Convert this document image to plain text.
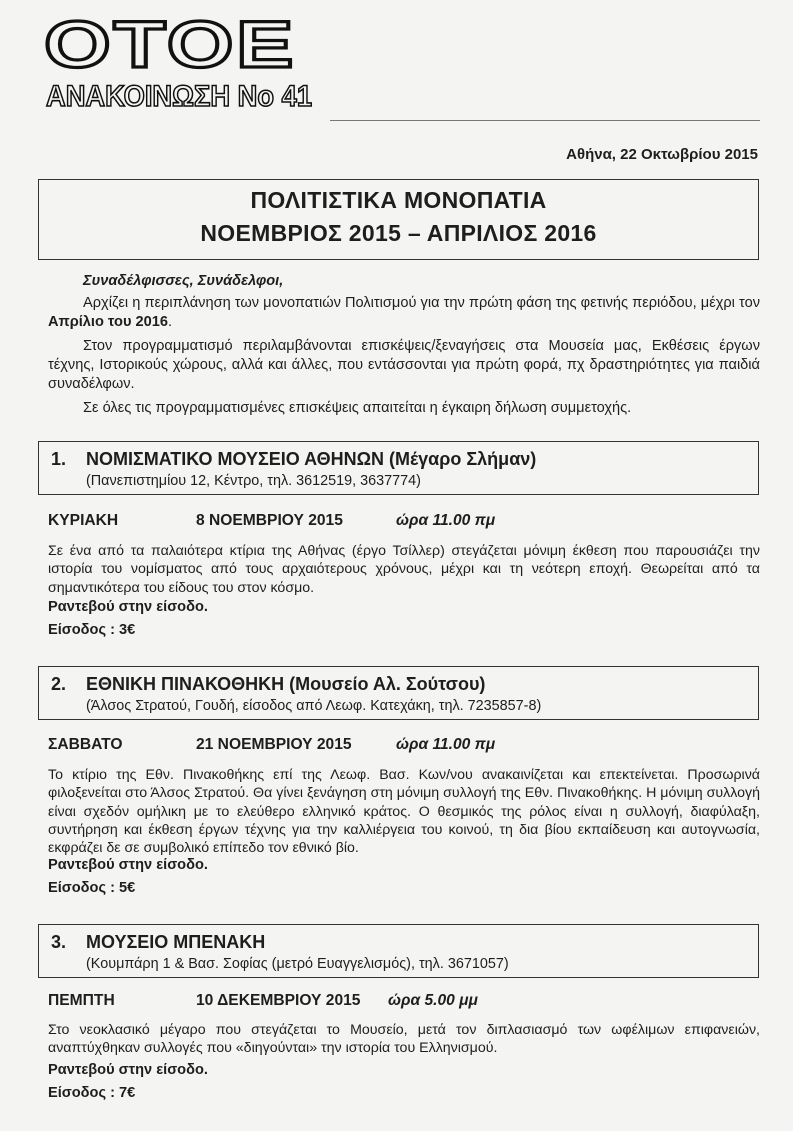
ΟΤΟΕ
ΑΝΑΚΟΙΝΩΣΗ Νο 41
Αθήνα, 22 Οκτωβρίου 2015
ΠΟΛΙΤΙΣΤΙΚΑ ΜΟΝΟΠΑΤΙΑ
ΝΟΕΜΒΡΙΟΣ 2015 – ΑΠΡΙΛΙΟΣ 2016
Συναδέλφισσες, Συνάδελφοι,

Αρχίζει η περιπλάνηση των μονοπατιών Πολιτισμού για την πρώτη φάση της φετινής περιόδου, μέχρι τον Απρίλιο του 2016.

Στον προγραμματισμό περιλαμβάνονται επισκέψεις/ξεναγήσεις στα Μουσεία μας, Εκθέσεις έργων τέχνης, Ιστορικούς χώρους, αλλά και άλλες, που εντάσσονται για πρώτη φορά, πχ δραστηριότητες για παιδιά συναδέλφων.

Σε όλες τις προγραμματισμένες επισκέψεις απαιτείται η έγκαιρη δήλωση συμμετοχής.

1. ΝΟΜΙΣΜΑΤΙΚΟ ΜΟΥΣΕΙΟ ΑΘΗΝΩΝ (Μέγαρο Σλήμαν)
(Πανεπιστημίου 12, Κέντρο, τηλ. 3612519, 3637774)
ΚΥΡΙΑΚΗ	8 ΝΟΕΜΒΡΙΟΥ 2015	ώρα 11.00 πμ
Σε ένα από τα παλαιότερα κτίρια της Αθήνας (έργο Τσίλλερ) στεγάζεται μόνιμη έκθεση που παρουσιάζει την ιστορία του νομίσματος από τους αρχαιότερους χρόνους, μέχρι και τη νεότερη εποχή. Θεωρείται από τα σημαντικότερα του είδους του στον κόσμο.
Ραντεβού στην είσοδο.
Είσοδος : 3€
2. ΕΘΝΙΚΗ ΠΙΝΑΚΟΘΗΚΗ (Μουσείο Αλ. Σούτσου)
(Άλσος Στρατού, Γουδή, είσοδος από Λεωφ. Κατεχάκη, τηλ. 7235857-8)
ΣΑΒΒΑΤΟ	21 ΝΟΕΜΒΡΙΟΥ 2015	ώρα 11.00 πμ
Το κτίριο της Εθν. Πινακοθήκης επί της Λεωφ. Βασ. Κων/νου ανακαινίζεται και επεκτείνεται. Προσωρινά φιλοξενείται στο Άλσος Στρατού. Θα γίνει ξενάγηση στη μόνιμη συλλογή της Εθν. Πινακοθήκης. Η μόνιμη συλλογή είναι σχεδόν ομήλικη με το ελεύθερο ελληνικό κράτος. Ο θεσμικός της ρόλος είναι η συλλογή, διαφύλαξη, συντήρηση και έκθεση έργων τέχνης για την καλλιέργεια του κοινού, τη δια βίου εκπαίδευση και αυτογνωσία, εκφράζει δε σε συμβολικό επίπεδο τον εθνικό βίο.
Ραντεβού στην είσοδο.
Είσοδος : 5€
3. ΜΟΥΣΕΙΟ ΜΠΕΝΑΚΗ
(Κουμπάρη 1 & Βασ. Σοφίας (μετρό Ευαγγελισμός), τηλ. 3671057)
ΠΕΜΠΤΗ	10 ΔΕΚΕΜΒΡΙΟΥ 2015 ώρα 5.00 μμ
Στο νεοκλασικό μέγαρο που στεγάζεται το Μουσείο, μετά τον διπλασιασμό των ωφέλιμων επιφανειών, αναπτύχθηκαν συλλογές που «διηγούνται» την ιστορία του Ελληνισμού.
Ραντεβού στην είσοδο.
Είσοδος : 7€
